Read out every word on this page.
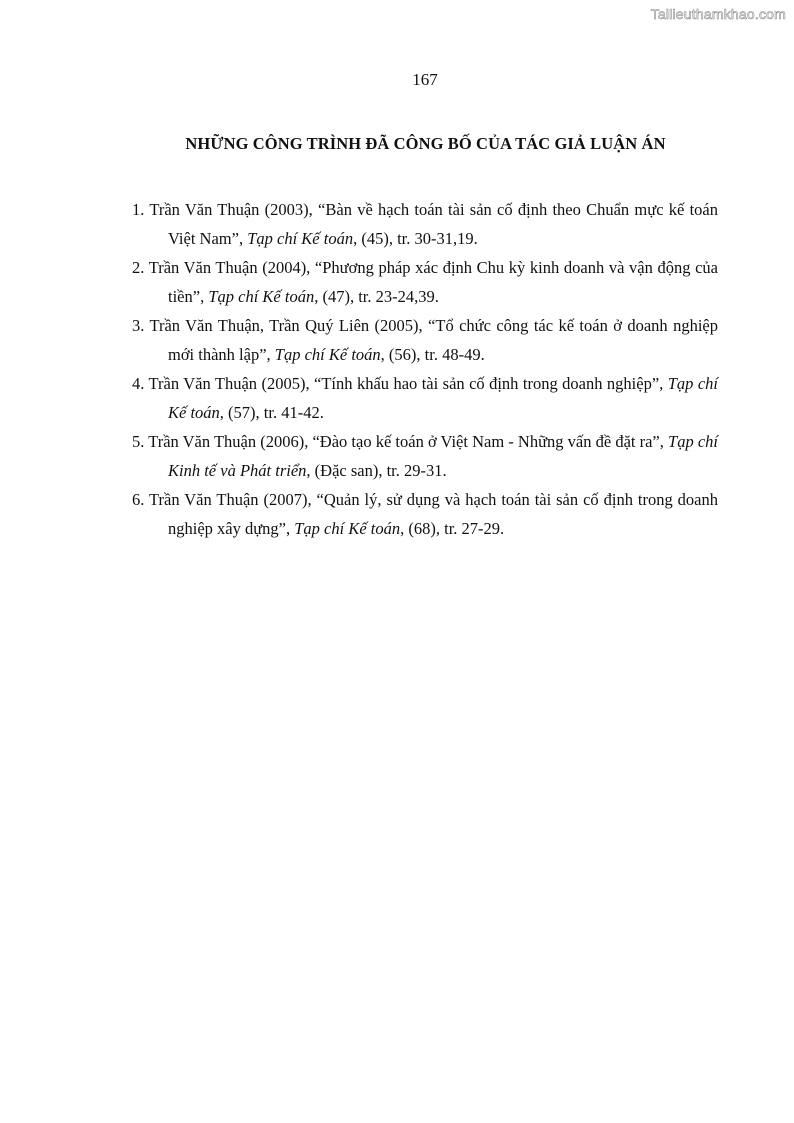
Tailieuthamkhao.com
167
NHỮNG CÔNG TRÌNH ĐÃ CÔNG BỐ CỦA TÁC GIẢ LUẬN ÁN
1. Trần Văn Thuận (2003), “Bàn về hạch toán tài sản cố định theo Chuẩn mực kế toán Việt Nam”, Tạp chí Kế toán, (45), tr. 30-31,19.
2. Trần Văn Thuận (2004), “Phương pháp xác định Chu kỳ kinh doanh và vận động của tiền”, Tạp chí Kế toán, (47), tr. 23-24,39.
3. Trần Văn Thuận, Trần Quý Liên (2005), “Tổ chức công tác kế toán ở doanh nghiệp mới thành lập”, Tạp chí Kế toán, (56), tr. 48-49.
4. Trần Văn Thuận (2005), “Tính khấu hao tài sản cố định trong doanh nghiệp”, Tạp chí Kế toán, (57), tr. 41-42.
5. Trần Văn Thuận (2006), “Đào tạo kế toán ở Việt Nam - Những vấn đề đặt ra”, Tạp chí Kinh tế và Phát triển, (Đặc san), tr. 29-31.
6. Trần Văn Thuận (2007), “Quản lý, sử dụng và hạch toán tài sản cố định trong doanh nghiệp xây dựng”, Tạp chí Kế toán, (68), tr. 27-29.
